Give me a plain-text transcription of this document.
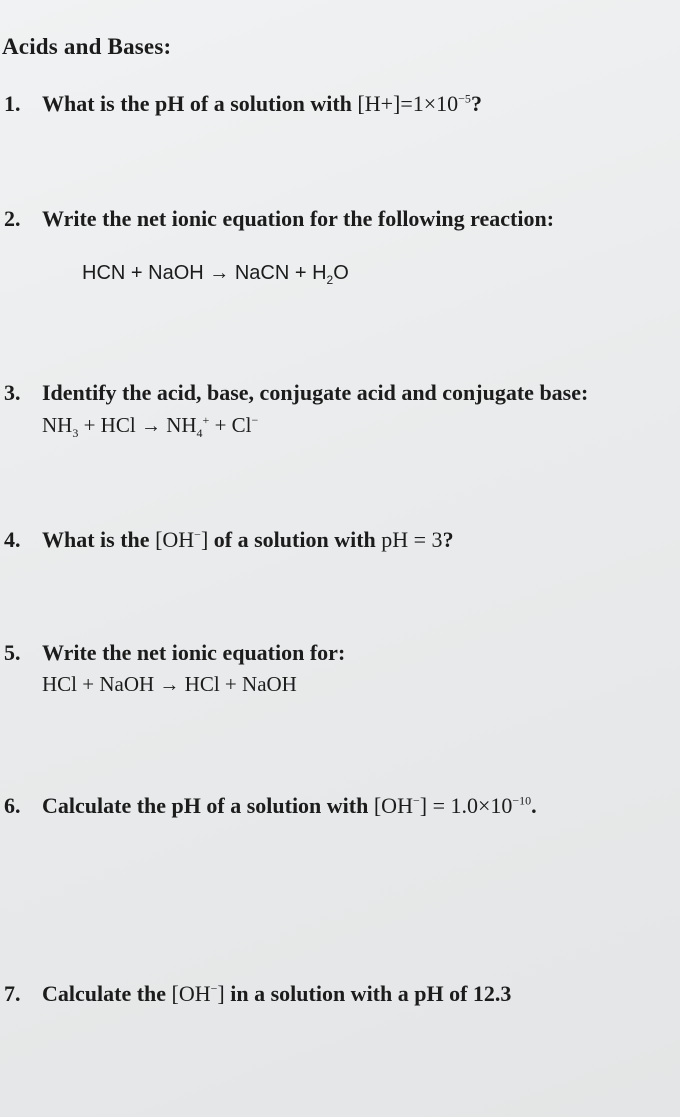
Acids and Bases:
1. What is the pH of a solution with $[H+]=1\times 10^{-5}$?
2. Write the net ionic equation for the following reaction:
HCN + NaOH → NaCN + $H_2O$
3. Identify the acid, base, conjugate acid and conjugate base:
$NH_3$ + HCl → $NH_4^+ + Cl^-$
4. What is the [OH−] of a solution with pH = 3?
5. Write the net ionic equation for:
HCl + NaOH → HCl + NaOH
6. Calculate the pH of a solution with $[OH^-] = 1.0\times 10^{-10}$.
7. Calculate the [OH−] in a solution with a pH of 12.3
